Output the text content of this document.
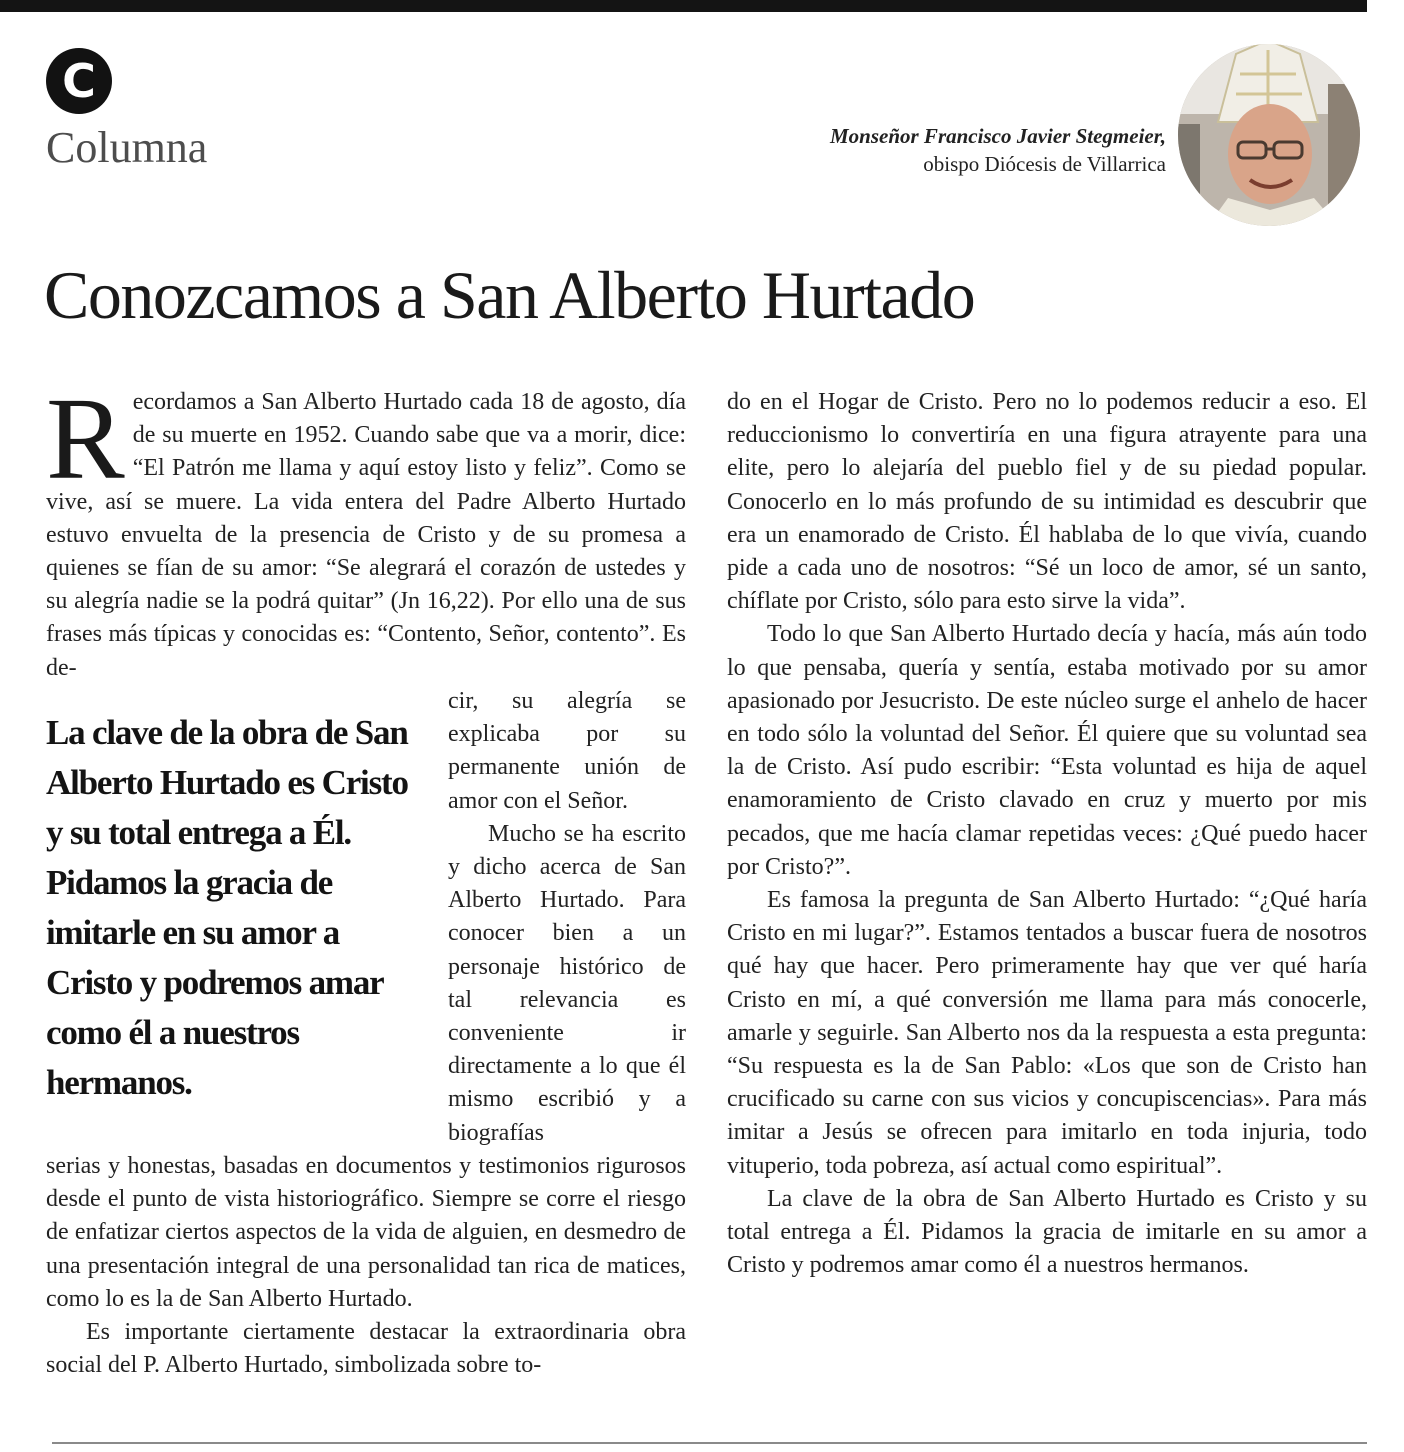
C
Columna	Monseñor Francisco Javier Stegmeier,
obispo Diócesis de Villarrica
Conozcamos a San Alberto Hurtado

Recordamos a San Alberto Hurtado cada 18 de agosto, día de su muerte en 1952. Cuando sabe que va a morir, dice: “El Patrón me llama y aquí estoy listo y feliz”. Como se vive, así se muere. La vida entera del Padre Alberto Hurtado estuvo envuelta de la presencia de Cristo y de su promesa a quienes se fían de su amor: “Se alegrará el corazón de ustedes y su alegría nadie se la podrá quitar” (Jn 16,22). Por ello una de sus frases más típicas y conocidas es: “Contento, Señor, contento”. Es de-

La clave de la obra de San Alberto Hurtado es Cristo y su total entrega a Él. Pidamos la gracia de imitarle en su amor a Cristo y podremos amar como él a nuestros hermanos.

cir, su alegría se explicaba por su permanente unión de amor con el Señor.

Mucho se ha escrito y dicho acerca de San Alberto Hurtado. Para conocer bien a un personaje histórico de tal relevancia es conveniente ir directamente a lo que él mismo escribió y a biografías

serias y honestas, basadas en documentos y testimonios rigurosos desde el punto de vista historiográfico. Siempre se corre el riesgo de enfatizar ciertos aspectos de la vida de alguien, en desmedro de una presentación integral de una personalidad tan rica de matices, como lo es la de San Alberto Hurtado.

Es importante ciertamente destacar la extraordinaria obra social del P. Alberto Hurtado, simbolizada sobre to-

do en el Hogar de Cristo. Pero no lo podemos reducir a eso. El reduccionismo lo convertiría en una figura atrayente para una elite, pero lo alejaría del pueblo fiel y de su piedad popular. Conocerlo en lo más profundo de su intimidad es descubrir que era un enamorado de Cristo. Él hablaba de lo que vivía, cuando pide a cada uno de nosotros: “Sé un loco de amor, sé un santo, chíflate por Cristo, sólo para esto sirve la vida”.

Todo lo que San Alberto Hurtado decía y hacía, más aún todo lo que pensaba, quería y sentía, estaba motivado por su amor apasionado por Jesucristo. De este núcleo surge el anhelo de hacer en todo sólo la voluntad del Señor. Él quiere que su voluntad sea la de Cristo. Así pudo escribir: “Esta voluntad es hija de aquel enamoramiento de Cristo clavado en cruz y muerto por mis pecados, que me hacía clamar repetidas veces: ¿Qué puedo hacer por Cristo?”.

Es famosa la pregunta de San Alberto Hurtado: “¿Qué haría Cristo en mi lugar?”. Estamos tentados a buscar fuera de nosotros qué hay que hacer. Pero primeramente hay que ver qué haría Cristo en mí, a qué conversión me llama para más conocerle, amarle y seguirle. San Alberto nos da la respuesta a esta pregunta: “Su respuesta es la de San Pablo: «Los que son de Cristo han crucificado su carne con sus vicios y concupiscencias». Para más imitar a Jesús se ofrecen para imitarlo en toda injuria, todo vituperio, toda pobreza, así actual como espiritual”.

La clave de la obra de San Alberto Hurtado es Cristo y su total entrega a Él. Pidamos la gracia de imitarle en su amor a Cristo y podremos amar como él a nuestros hermanos.
